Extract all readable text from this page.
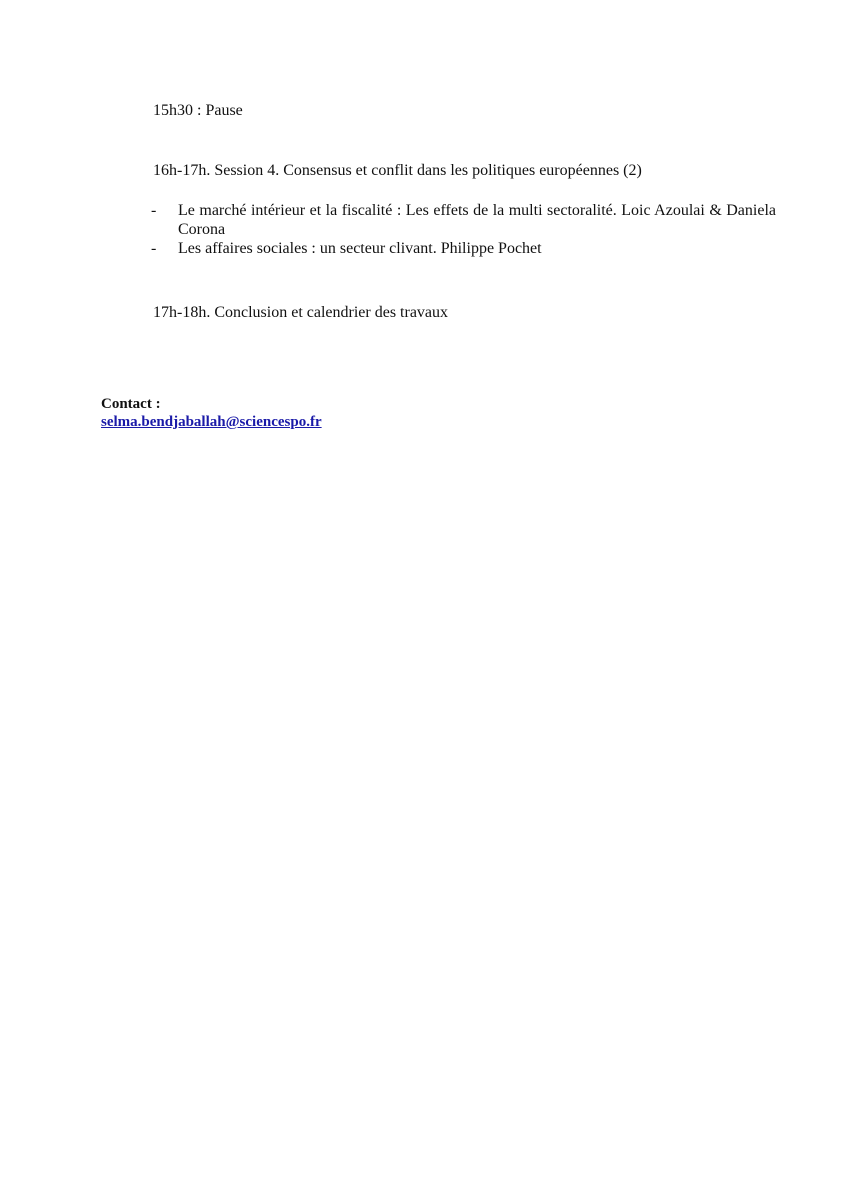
15h30 : Pause
16h-17h. Session 4. Consensus et conflit dans les politiques européennes (2)
- Le marché intérieur et la fiscalité : Les effets de la multi sectoralité. Loic Azoulai & Daniela Corona
- Les affaires sociales : un secteur clivant. Philippe Pochet
17h-18h. Conclusion et calendrier des travaux
Contact :
selma.bendjaballah@sciencespo.fr
